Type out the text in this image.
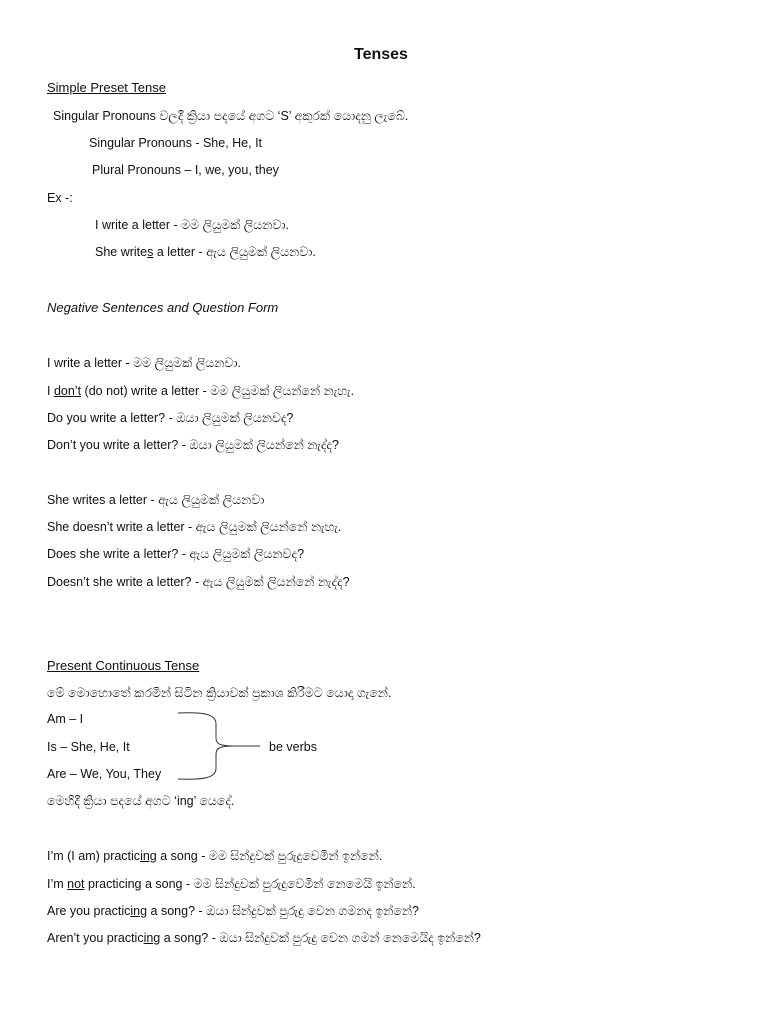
Tenses
Simple Preset Tense
Singular Pronouns වලදී ක්‍රියා පදයේ අගට ‘S’ අකුරක් යොදනු ලැබේ.
Singular Pronouns - She, He, It
Plural Pronouns – I, we, you, they
Ex -:
I write a letter - මම ලියුමක් ලියනවා.
She writes a letter - ඇය ලියුමක් ලියනවා.
Negative Sentences and Question Form
I write a letter - මම ලියුමක් ලියනවා.
I don’t (do not) write a letter - මම ලියුමක් ලියන්නේ නැහැ.
Do you write a letter? - ඔයා ලියුමක් ලියනවද?
Don’t you write a letter? - ඔයා ලියුමක් ලියන්නේ නැද්ද?
She writes a letter - ඇය ලියුමක් ලියනවා
She doesn’t write a letter - ඇය ලියුමක් ලියන්නේ නැහැ.
Does she write a letter? - ඇය ලියුමක් ලියනවද?
Doesn’t she write a letter? - ඇය ලියුමක් ලියන්නේ නැද්ද?
Present Continuous Tense
මේ මොහොතේ කරමින් සිටින ක්‍රියාවක් ප්‍රකාශ කිරීමට යොදා ගැනේ.
Am – I
Is – She, He, It
Are – We, You, They
be verbs
මෙහිදී ක්‍රියා පදයේ අගට ‘ing’ යෙදේ.
I’m (I am) practicing a song - මම සින්දුවක් පුරුදුවෙමින් ඉන්නේ.
I’m not practicing a song - මම සින්දුවක් පුරුදුවෙමින් නෙමෙයි ඉන්නේ.
Are you practicing a song? - ඔයා සින්දුවක් පුරුදු වෙන ගමනද ඉන්නේ?
Aren’t you practicing a song? - ඔයා සින්දුවක් පුරුදු වෙන ගමන් නෙමෙයිද ඉන්නේ?
